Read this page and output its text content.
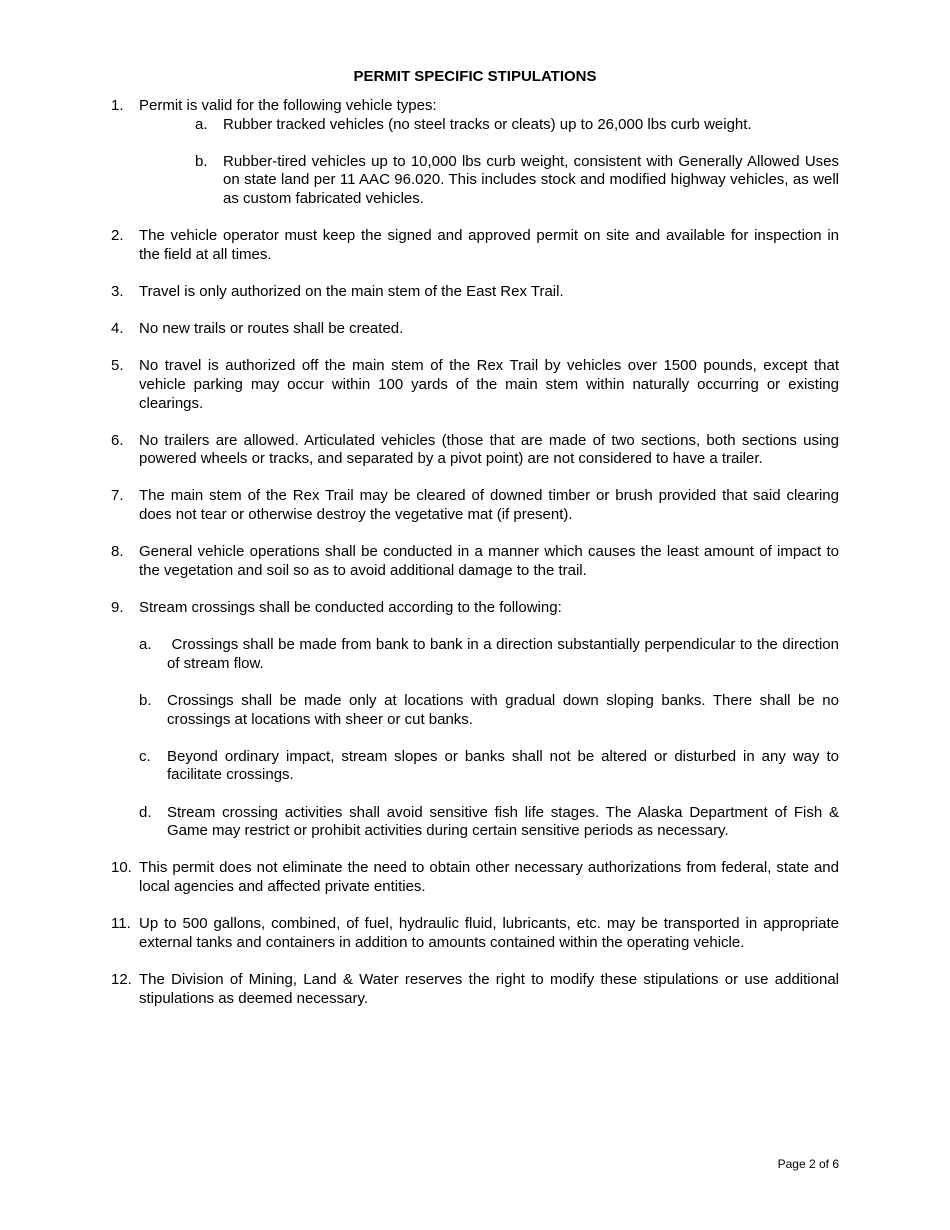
PERMIT SPECIFIC STIPULATIONS
1. Permit is valid for the following vehicle types:
a. Rubber tracked vehicles (no steel tracks or cleats) up to 26,000 lbs curb weight.
b. Rubber-tired vehicles up to 10,000 lbs curb weight, consistent with Generally Allowed Uses on state land per 11 AAC 96.020. This includes stock and modified highway vehicles, as well as custom fabricated vehicles.
2. The vehicle operator must keep the signed and approved permit on site and available for inspection in the field at all times.
3. Travel is only authorized on the main stem of the East Rex Trail.
4. No new trails or routes shall be created.
5. No travel is authorized off the main stem of the Rex Trail by vehicles over 1500 pounds, except that vehicle parking may occur within 100 yards of the main stem within naturally occurring or existing clearings.
6. No trailers are allowed. Articulated vehicles (those that are made of two sections, both sections using powered wheels or tracks, and separated by a pivot point) are not considered to have a trailer.
7. The main stem of the Rex Trail may be cleared of downed timber or brush provided that said clearing does not tear or otherwise destroy the vegetative mat (if present).
8. General vehicle operations shall be conducted in a manner which causes the least amount of impact to the vegetation and soil so as to avoid additional damage to the trail.
9. Stream crossings shall be conducted according to the following:
a. Crossings shall be made from bank to bank in a direction substantially perpendicular to the direction of stream flow.
b. Crossings shall be made only at locations with gradual down sloping banks. There shall be no crossings at locations with sheer or cut banks.
c. Beyond ordinary impact, stream slopes or banks shall not be altered or disturbed in any way to facilitate crossings.
d. Stream crossing activities shall avoid sensitive fish life stages. The Alaska Department of Fish & Game may restrict or prohibit activities during certain sensitive periods as necessary.
10. This permit does not eliminate the need to obtain other necessary authorizations from federal, state and local agencies and affected private entities.
11. Up to 500 gallons, combined, of fuel, hydraulic fluid, lubricants, etc. may be transported in appropriate external tanks and containers in addition to amounts contained within the operating vehicle.
12. The Division of Mining, Land & Water reserves the right to modify these stipulations or use additional stipulations as deemed necessary.
Page 2 of 6
